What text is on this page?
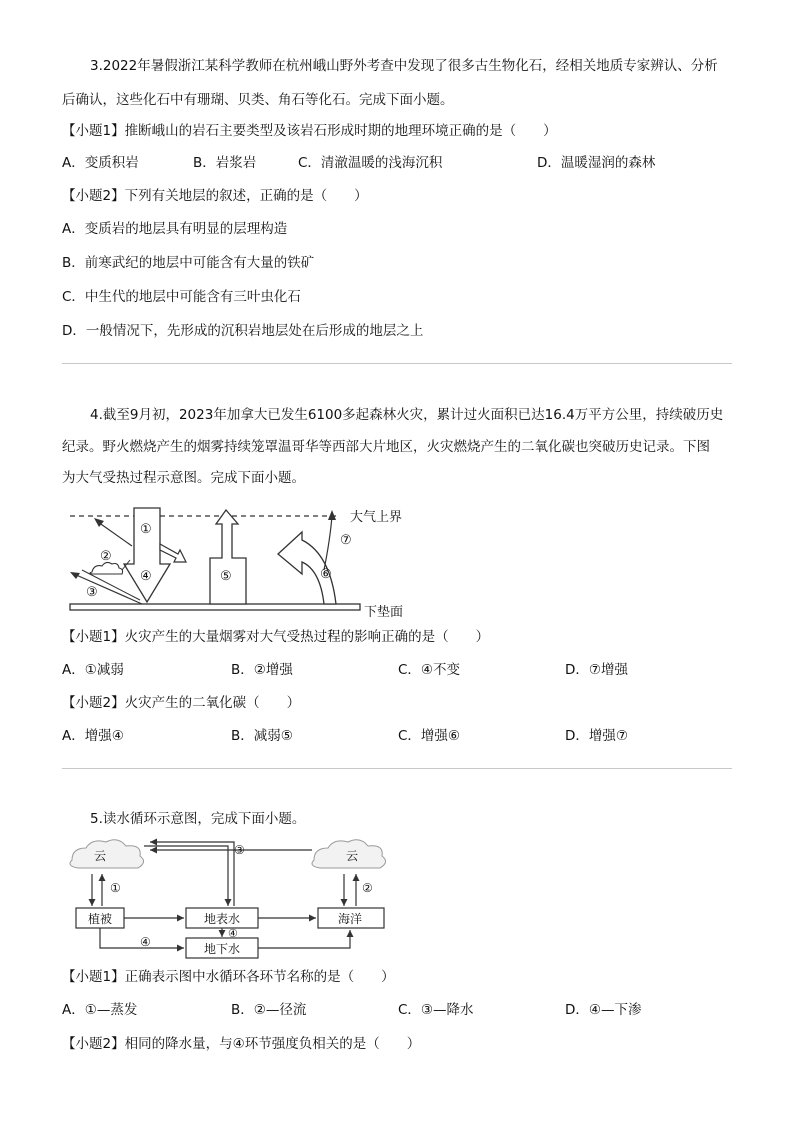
3.2022年暑假浙江某科学教师在杭州峨山野外考查中发现了很多古生物化石，经相关地质专家辨认、分析
后确认，这些化石中有珊瑚、贝类、角石等化石。完成下面小题。
【小题1】推断峨山的岩石主要类型及该岩石形成时期的地理环境正确的是（　　）
A．变质积岩	B．岩浆岩	C．清澈温暖的浅海沉积	D．温暖湿润的森林
【小题2】下列有关地层的叙述，正确的是（　　）
A．变质岩的地层具有明显的层理构造
B．前寒武纪的地层中可能含有大量的铁矿
C．中生代的地层中可能含有三叶虫化石
D．一般情况下，先形成的沉积岩地层处在后形成的地层之上
4.截至9月初，2023年加拿大已发生6100多起森林火灾，累计过火面积已达16.4万平方公里，持续破历史
纪录。野火燃烧产生的烟雾持续笼罩温哥华等西部大片地区，火灾燃烧产生的二氧化碳也突破历史记录。下图
为大气受热过程示意图。完成下面小题。
大气上界
下垫面
①
②
③
④	⑤	⑥
⑦
【小题1】火灾产生的大量烟雾对大气受热过程的影响正确的是（　　）
A．①减弱	B．②增强	C．④不变	D．⑦增强
【小题2】火灾产生的二氧化碳（　　）
A．增强④	B．减弱⑤	C．增强⑥	D．增强⑦
5.读水循环示意图，完成下面小题。
云	云
③
植被	地表水	海洋
地下水
①	②
④
④
【小题1】正确表示图中水循环各环节名称的是（　　）
A．①—蒸发	B．②—径流	C．③—降水	D．④—下渗
【小题2】相同的降水量，与④环节强度负相关的是（　　）
